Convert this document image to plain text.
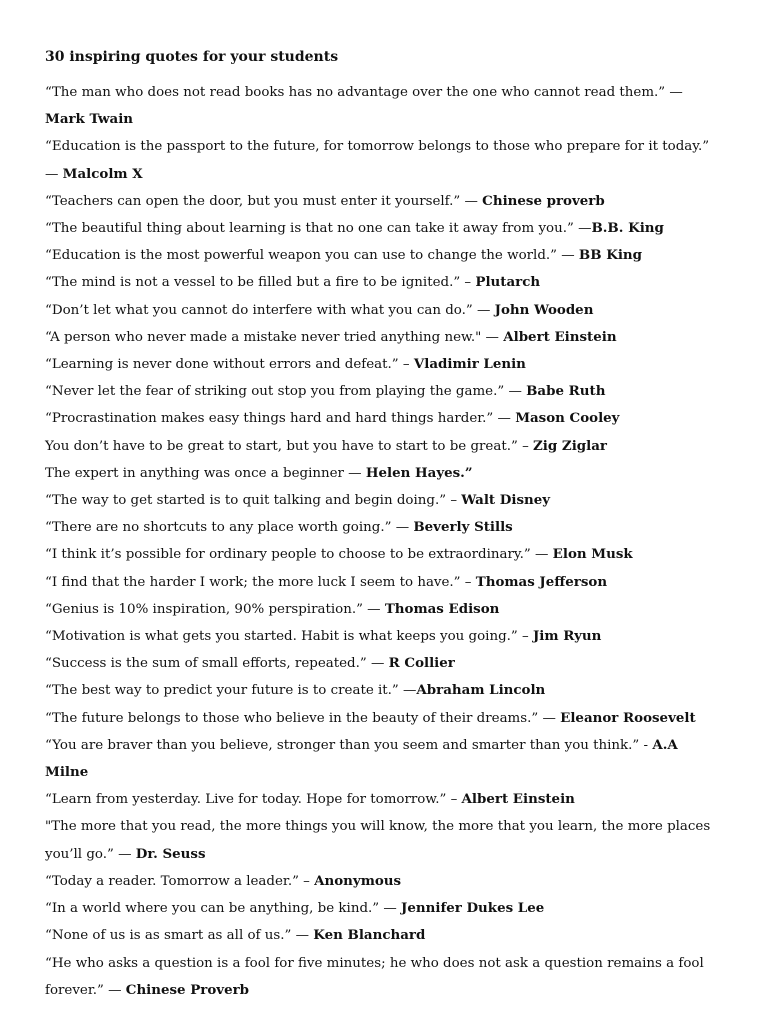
30 inspiring quotes for your students

“The man who does not read books has no advantage over the one who cannot read them.” — Mark Twain

“Education is the passport to the future, for tomorrow belongs to those who prepare for it today.” — Malcolm X

“Teachers can open the door, but you must enter it yourself.” — Chinese proverb

“The beautiful thing about learning is that no one can take it away from you.” —B.B. King

“Education is the most powerful weapon you can use to change the world.” — BB King

“The mind is not a vessel to be filled but a fire to be ignited.” – Plutarch

“Don’t let what you cannot do interfere with what you can do.” — John Wooden

“A person who never made a mistake never tried anything new." — Albert Einstein

“Learning is never done without errors and defeat.” – Vladimir Lenin

“Never let the fear of striking out stop you from playing the game.” — Babe Ruth

“Procrastination makes easy things hard and hard things harder.” — Mason Cooley

You don’t have to be great to start, but you have to start to be great.” – Zig Ziglar

The expert in anything was once a beginner — Helen Hayes.”

“The way to get started is to quit talking and begin doing.” – Walt Disney

“There are no shortcuts to any place worth going.” — Beverly Stills

“I think it’s possible for ordinary people to choose to be extraordinary.” — Elon Musk

“I find that the harder I work; the more luck I seem to have.” – Thomas Jefferson

“Genius is 10% inspiration, 90% perspiration.” — Thomas Edison

“Motivation is what gets you started. Habit is what keeps you going.” – Jim Ryun

“Success is the sum of small efforts, repeated.” — R Collier

“The best way to predict your future is to create it.” —Abraham Lincoln

“The future belongs to those who believe in the beauty of their dreams.” — Eleanor Roosevelt

“You are braver than you believe, stronger than you seem and smarter than you think.” - A.A Milne

“Learn from yesterday. Live for today. Hope for tomorrow.” – Albert Einstein

"The more that you read, the more things you will know, the more that you learn, the more places you’ll go.” — Dr. Seuss

“Today a reader. Tomorrow a leader.” – Anonymous

“In a world where you can be anything, be kind.” — Jennifer Dukes Lee

“None of us is as smart as all of us.” — Ken Blanchard

“He who asks a question is a fool for five minutes; he who does not ask a question remains a fool forever.” — Chinese Proverb
